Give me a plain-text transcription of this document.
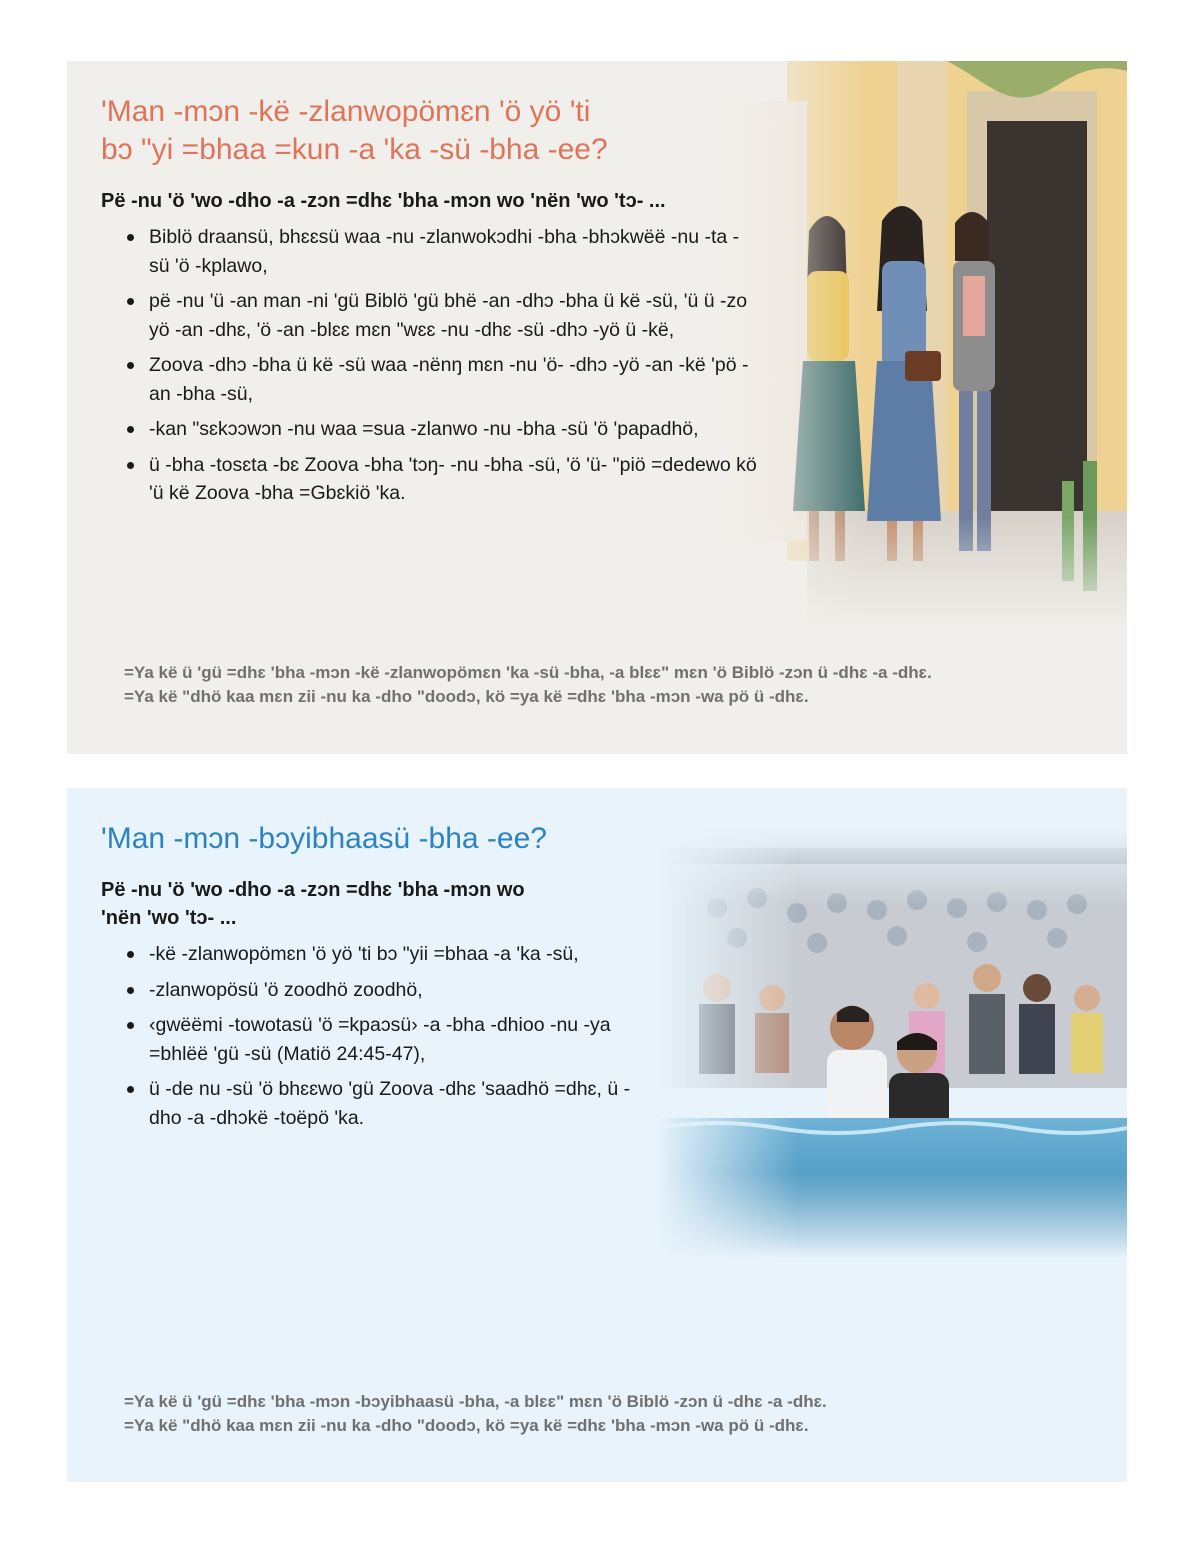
'Man -mɔn -kë -zlanwopömɛn 'ö yö 'ti
bɔ "yi =bhaa =kun -a 'ka -sü -bha -ee?

Pë -nu 'ö 'wo -dho -a -zɔn =dhɛ 'bha -mɔn wo 'nën 'wo 'tɔ- ...

Biblö draansü, bhɛɛsü waa -nu -zlanwokɔdhi -bha -bhɔkwëë -nu -ta -sü 'ö -kplawo,
pë -nu 'ü -an man -ni 'gü Biblö 'gü bhë -an -dhɔ -bha ü kë -sü, 'ü ü -zo yö -an -dhɛ, 'ö -an -blɛɛ mɛn "wɛɛ -nu -dhɛ -sü -dhɔ -yö ü -kë,
Zoova -dhɔ -bha ü kë -sü waa -nënŋ mɛn -nu 'ö- -dhɔ -yö -an -kë 'pö -an -bha -sü,
-kan "sɛkɔɔwɔn -nu waa =sua -zlanwo -nu -bha -sü 'ö 'papadhö,
ü -bha -tosɛta -bɛ Zoova -bha 'tɔŋ- -nu -bha -sü, 'ö 'ü- "piö =dedewo kö 'ü kë Zoova -bha =Gbɛkiö 'ka.
=Ya kë ü 'gü =dhɛ 'bha -mɔn -kë -zlanwopömɛn 'ka -sü -bha, -a blɛɛ" mɛn 'ö Biblö -zɔn ü -dhɛ -a -dhɛ.
=Ya kë "dhö kaa mɛn zii -nu ka -dho "doodɔ, kö =ya kë =dhɛ 'bha -mɔn -wa pö ü -dhɛ.
'Man -mɔn -bɔyibhaasü -bha -ee?

Pë -nu 'ö 'wo -dho -a -zɔn =dhɛ 'bha -mɔn wo 'nën 'wo 'tɔ- ...

-kë -zlanwopömɛn 'ö yö 'ti bɔ "yii =bhaa -a 'ka -sü,
-zlanwopösü 'ö zoodhö zoodhö,
‹gwëëmi -towotasü 'ö =kpaɔsü› -a -bha -dhioo -nu -ya =bhlëë 'gü -sü (Matiö 24:45-47),
ü -de nu -sü 'ö bhɛɛwo 'gü Zoova -dhɛ 'saadhö =dhɛ, ü -dho -a -dhɔkë -toëpö 'ka.
=Ya kë ü 'gü =dhɛ 'bha -mɔn -bɔyibhaasü -bha, -a blɛɛ" mɛn 'ö Biblö -zɔn ü -dhɛ -a -dhɛ.
=Ya kë "dhö kaa mɛn zii -nu ka -dho "doodɔ, kö =ya kë =dhɛ 'bha -mɔn -wa pö ü -dhɛ.
